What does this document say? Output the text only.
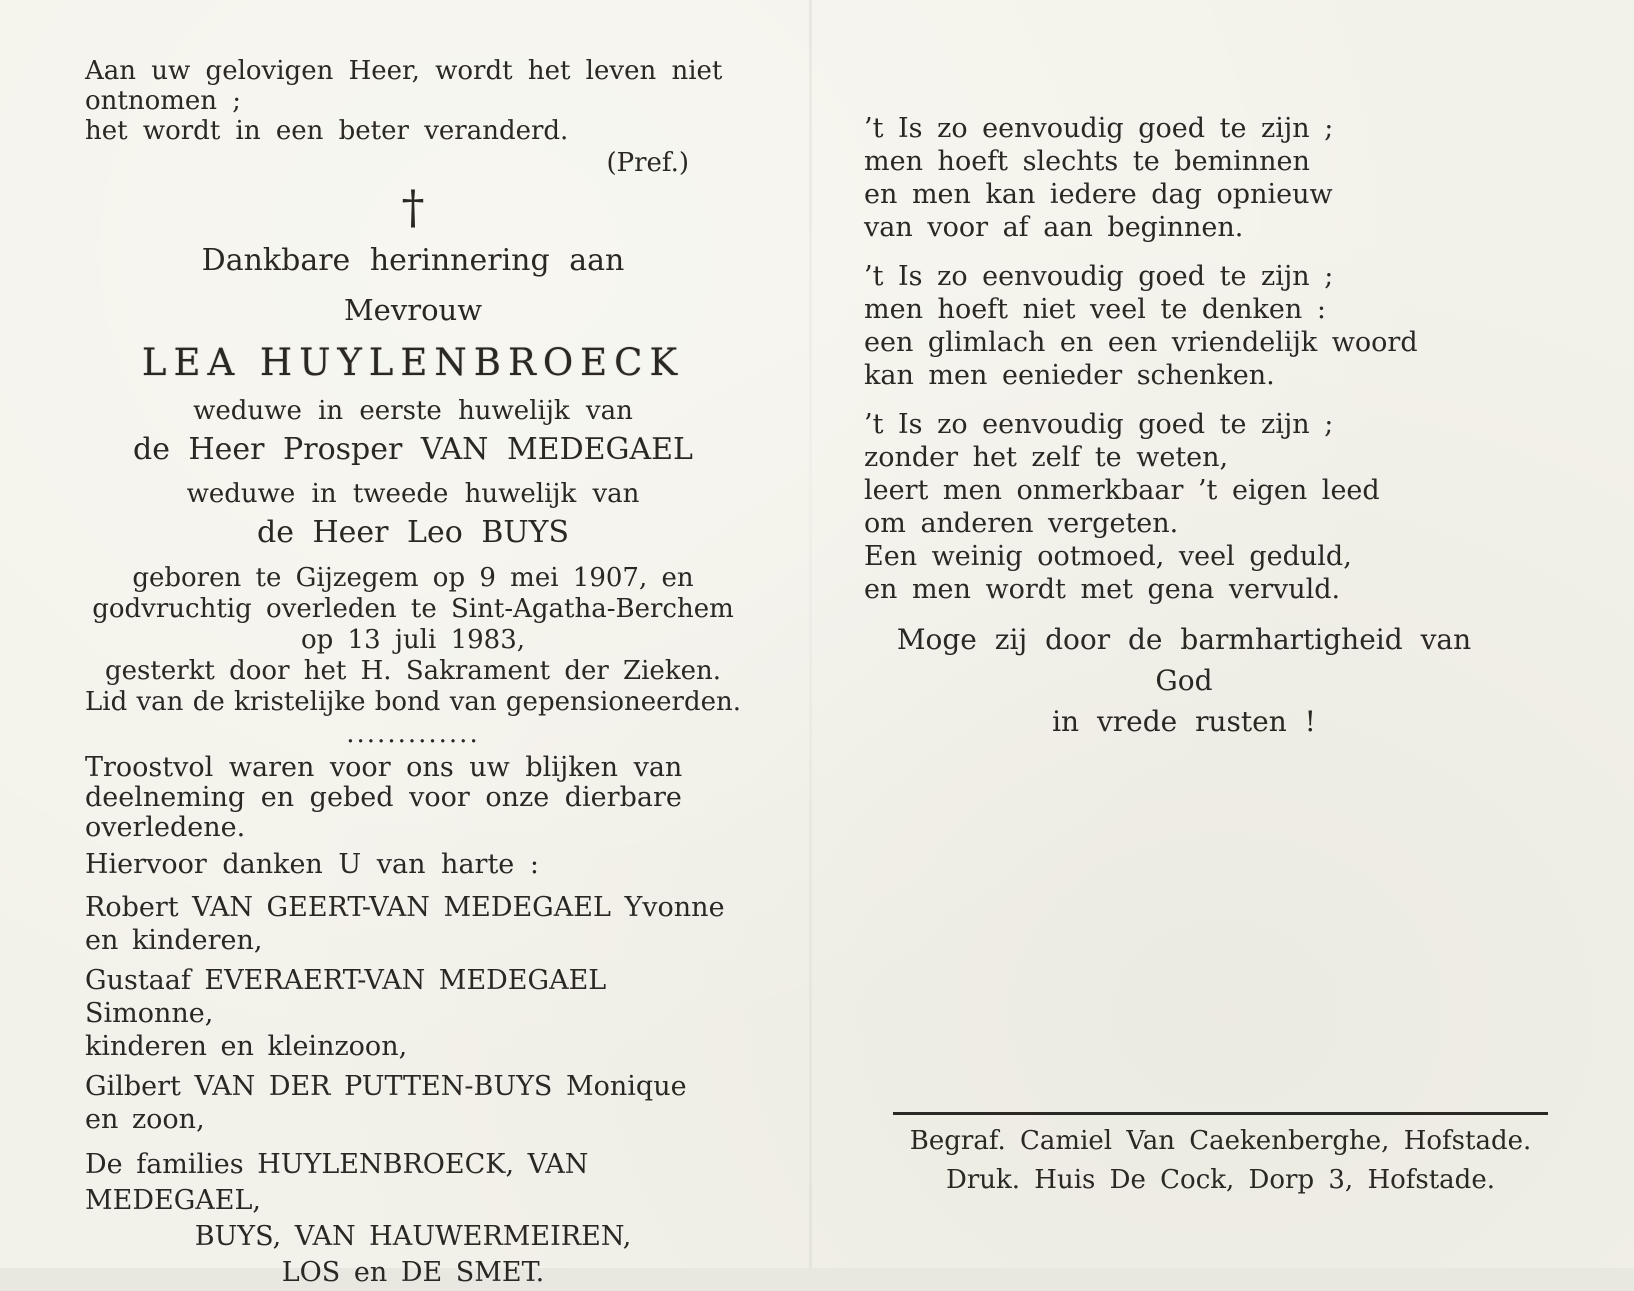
Aan uw gelovigen Heer, wordt het leven niet
ontnomen ;
het wordt in een beter veranderd.
(Pref.)
†
Dankbare herinnering aan
Mevrouw
LEA HUYLENBROECK
weduwe in eerste huwelijk van
de Heer Prosper VAN MEDEGAEL
weduwe in tweede huwelijk van
de Heer Leo BUYS
geboren te Gijzegem op 9 mei 1907, en
godvruchtig overleden te Sint-Agatha-Berchem
op 13 juli 1983,
gesterkt door het H. Sakrament der Zieken.
Lid van de kristelijke bond van gepensioneerden.
.............
Troostvol waren voor ons uw blijken van
deelneming en gebed voor onze dierbare
overledene.
Hiervoor danken U van harte :
Robert VAN GEERT-VAN MEDEGAEL Yvonne
en kinderen,
Gustaaf EVERAERT-VAN MEDEGAEL Simonne,
kinderen en kleinzoon,
Gilbert VAN DER PUTTEN-BUYS Monique
en zoon,
De families HUYLENBROECK, VAN MEDEGAEL,
BUYS, VAN HAUWERMEIREN,
LOS en DE SMET.
’t Is zo eenvoudig goed te zijn ;
men hoeft slechts te beminnen
en men kan iedere dag opnieuw
van voor af aan beginnen.
’t Is zo eenvoudig goed te zijn ;
men hoeft niet veel te denken :
een glimlach en een vriendelijk woord
kan men eenieder schenken.
’t Is zo eenvoudig goed te zijn ;
zonder het zelf te weten,
leert men onmerkbaar ’t eigen leed
om anderen vergeten.
Een weinig ootmoed, veel geduld,
en men wordt met gena vervuld.
Moge zij door de barmhartigheid van God
in vrede rusten !
Begraf. Camiel Van Caekenberghe, Hofstade.
Druk. Huis De Cock, Dorp 3, Hofstade.
